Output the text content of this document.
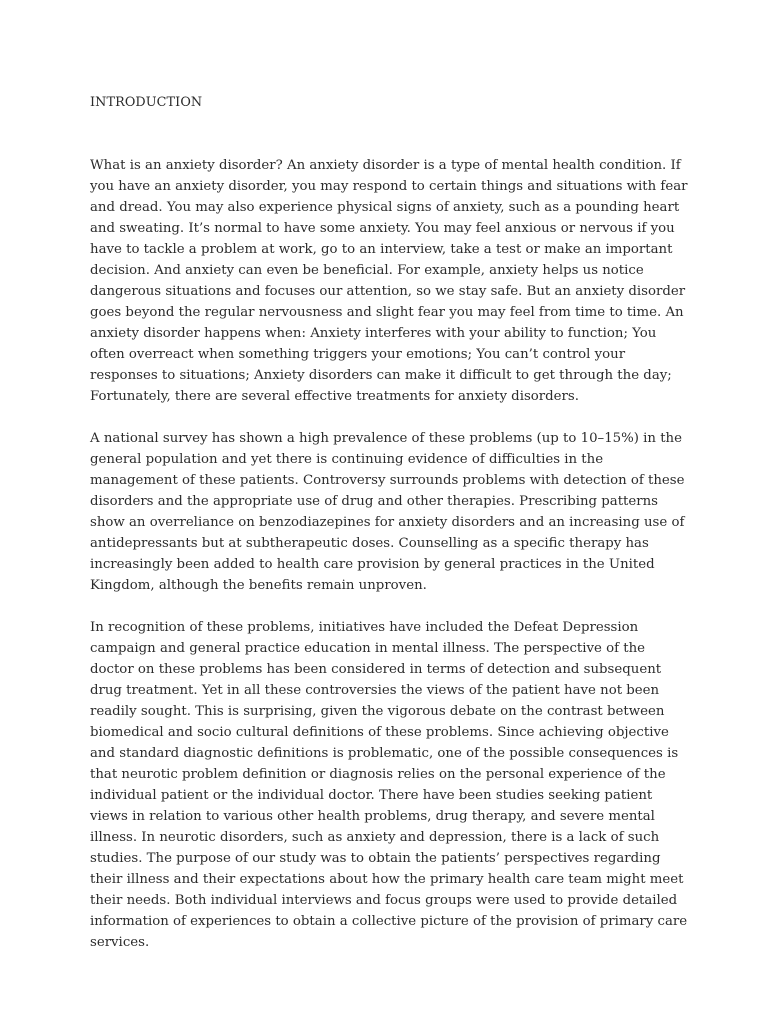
INTRODUCTION

What is an anxiety disorder? An anxiety disorder is a type of mental health condition. If you have an anxiety disorder, you may respond to certain things and situations with fear and dread. You may also experience physical signs of anxiety, such as a pounding heart and sweating. It’s normal to have some anxiety. You may feel anxious or nervous if you have to tackle a problem at work, go to an interview, take a test or make an important decision. And anxiety can even be beneficial. For example, anxiety helps us notice dangerous situations and focuses our attention, so we stay safe. But an anxiety disorder goes beyond the regular nervousness and slight fear you may feel from time to time. An anxiety disorder happens when: Anxiety interferes with your ability to function; You often overreact when something triggers your emotions; You can’t control your responses to situations; Anxiety disorders can make it difficult to get through the day; Fortunately, there are several effective treatments for anxiety disorders.

A national survey has shown a high prevalence of these problems (up to 10–15%) in the general population and yet there is continuing evidence of difficulties in the management of these patients. Controversy surrounds problems with detection of these disorders and the appropriate use of drug and other therapies. Prescribing patterns show an overreliance on benzodiazepines for anxiety disorders and an increasing use of antidepressants but at subtherapeutic doses. Counselling as a specific therapy has increasingly been added to health care provision by general practices in the United Kingdom, although the benefits remain unproven.

In recognition of these problems, initiatives have included the Defeat Depression campaign and general practice education in mental illness. The perspective of the doctor on these problems has been considered in terms of detection and subsequent drug treatment. Yet in all these controversies the views of the patient have not been readily sought. This is surprising, given the vigorous debate on the contrast between biomedical and socio cultural definitions of these problems. Since achieving objective and standard diagnostic definitions is problematic, one of the possible consequences is that neurotic problem definition or diagnosis relies on the personal experience of the individual patient or the individual doctor. There have been studies seeking patient views in relation to various other health problems, drug therapy, and severe mental illness. In neurotic disorders, such as anxiety and depression, there is a lack of such studies. The purpose of our study was to obtain the patients’ perspectives regarding their illness and their expectations about how the primary health care team might meet their needs. Both individual interviews and focus groups were used to provide detailed information of experiences to obtain a collective picture of the provision of primary care services.
